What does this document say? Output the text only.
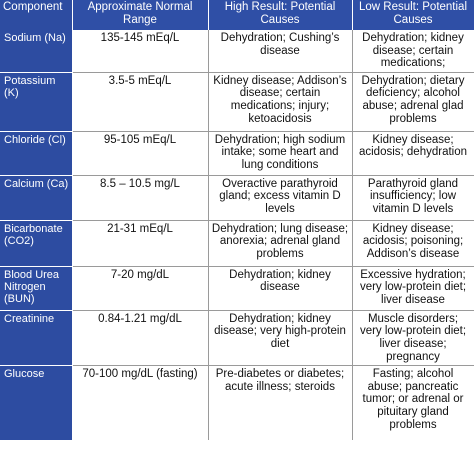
Component	Approximate Normal Range	High Result: Potential Causes	Low Result: Potential Causes
Sodium (Na)	135-145 mEq/L	Dehydration; Cushing’s disease	Dehydration; kidney disease; certain medications;
Potassium (K)	3.5-5 mEq/L	Kidney disease; Addison’s disease; certain medications; injury; ketoacidosis	Dehydration; dietary deficiency; alcohol abuse; adrenal glad problems
Chloride (Cl)	95-105 mEq/L	Dehydration; high sodium intake; some heart and lung conditions	Kidney disease; acidosis; dehydration
Calcium (Ca)	8.5 – 10.5 mg/L	Overactive parathyroid gland; excess vitamin D levels	Parathyroid gland insufficiency; low vitamin D levels
Bicarbonate (CO2)	21-31 mEq/L	Dehydration; lung disease; anorexia; adrenal gland problems	Kidney disease; acidosis; poisoning; Addison’s disease
Blood Urea Nitrogen (BUN)	7-20 mg/dL	Dehydration; kidney disease	Excessive hydration; very low-protein diet; liver disease
Creatinine	0.84-1.21 mg/dL	Dehydration; kidney disease; very high-protein diet	Muscle disorders; very low-protein diet; liver disease; pregnancy
Glucose	70-100 mg/dL (fasting)	Pre-diabetes or diabetes; acute illness; steroids	Fasting; alcohol abuse; pancreatic tumor; or adrenal or pituitary gland problems
